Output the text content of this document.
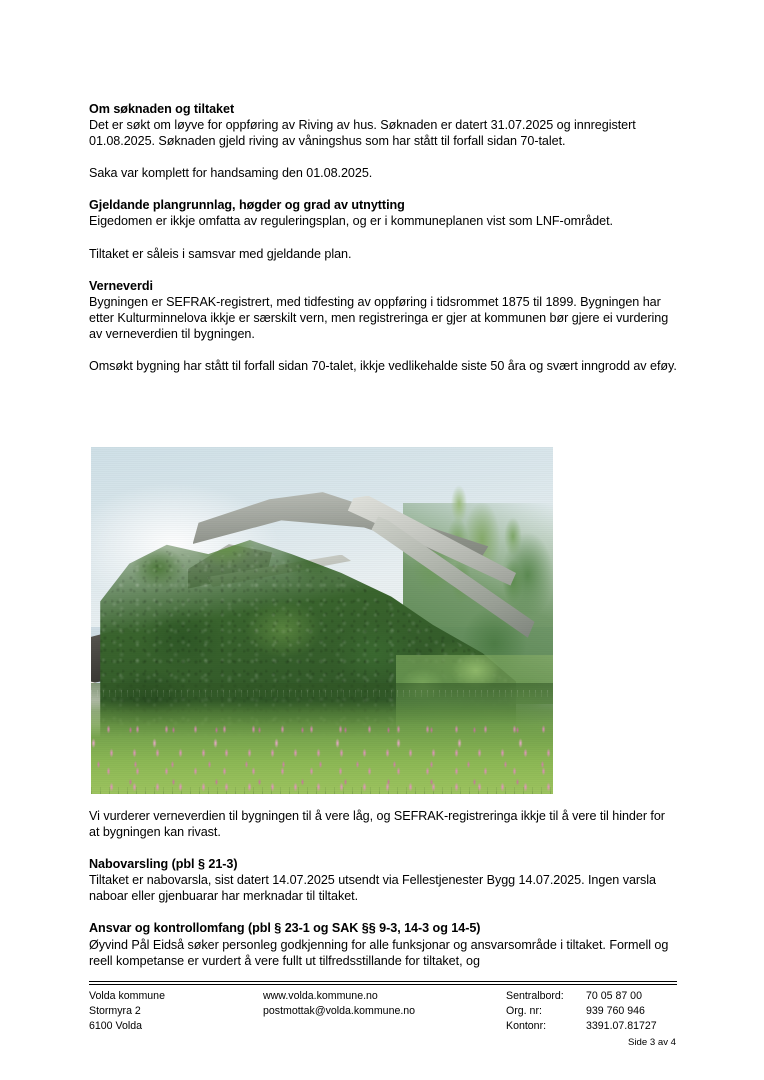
Om søknaden og tiltaket

Det er søkt om løyve for oppføring av Riving av hus. Søknaden er datert 31.07.2025 og innregistert 01.08.2025. Søknaden gjeld riving av våningshus som har stått til forfall sidan 70-talet.

Saka var komplett for handsaming den 01.08.2025.

Gjeldande plangrunnlag, høgder og grad av utnytting

Eigedomen er ikkje omfatta av reguleringsplan, og er i kommuneplanen vist som LNF-området.

Tiltaket er såleis i samsvar med gjeldande plan.

Verneverdi

Bygningen er SEFRAK-registrert, med tidfesting av oppføring i tidsrommet 1875 til 1899. Bygningen har etter Kulturminnelova ikkje er særskilt vern, men registreringa er gjer at kommunen bør gjere ei vurdering av verneverdien til bygningen.

Omsøkt bygning har stått til forfall sidan 70-talet, ikkje vedlikehalde siste 50 åra og svært inngrodd av eføy.

Vi vurderer verneverdien til bygningen til å vere låg, og SEFRAK-registreringa ikkje til å vere til hinder for at bygningen kan rivast.

Nabovarsling (pbl § 21-3)

Tiltaket er nabovarsla, sist datert 14.07.2025 utsendt via Fellestjenester Bygg 14.07.2025. Ingen varsla naboar eller gjenbuarar har merknadar til tiltaket.

Ansvar og kontrollomfang (pbl § 23-1 og SAK §§ 9-3, 14-3 og 14-5)

Øyvind Pål Eidså søker personleg godkjenning for alle funksjonar og ansvarsområde i tiltaket. Formell og reell kompetanse er vurdert å vere fullt ut tilfredsstillande for tiltaket, og

Volda kommune
Stormyra 2
6100 Volda
www.volda.kommune.no
postmottak@volda.kommune.no
Sentralbord:
Org. nr:
Kontonr:
70 05 87 00
939 760 946
3391.07.81727
Side 3 av 4
